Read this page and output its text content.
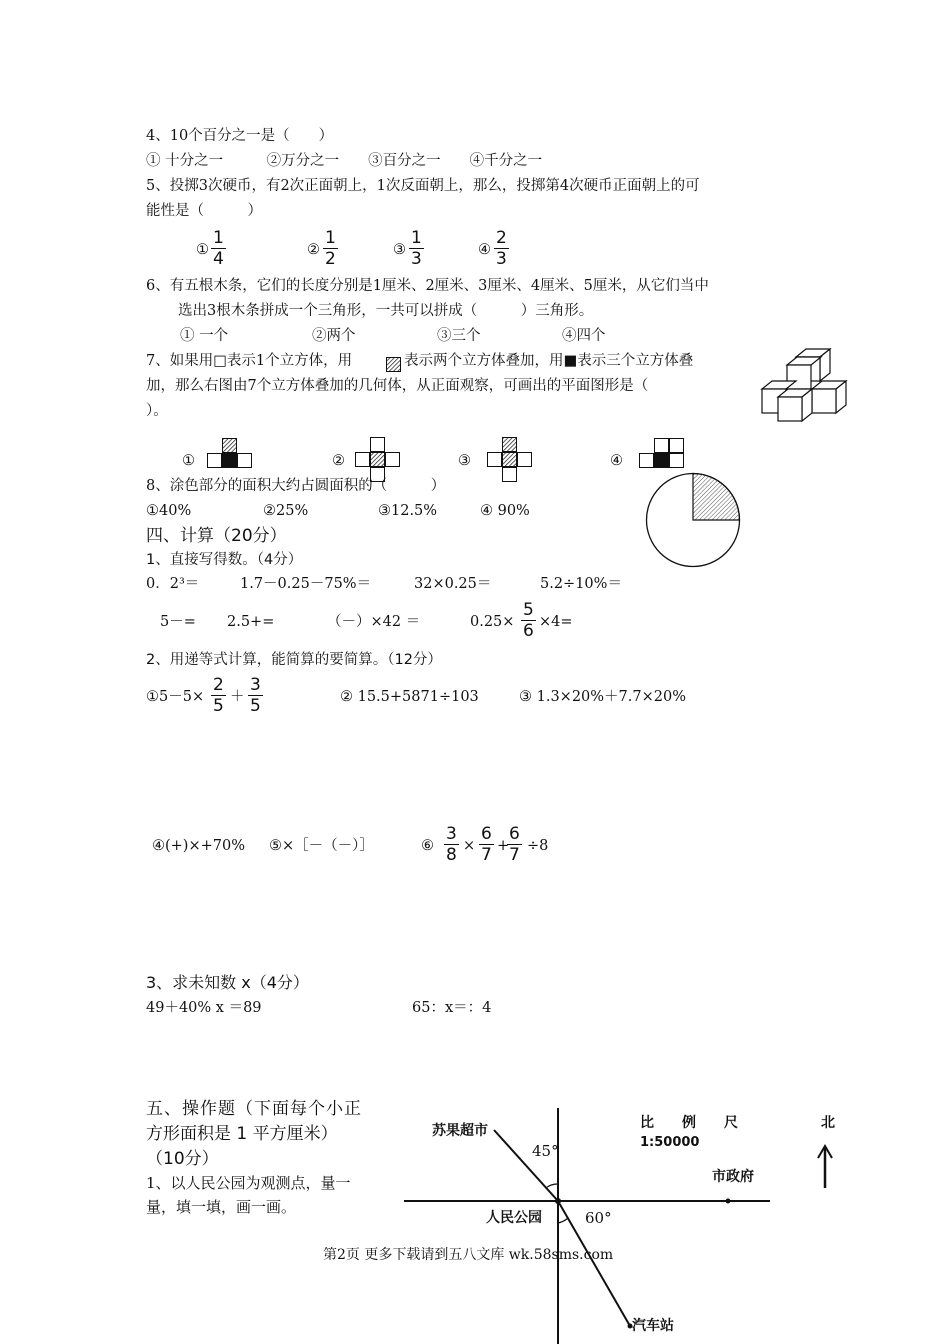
4、10个百分之一是（　　）
① 十分之一　　　②万分之一　　③百分之一　　④千分之一
5、投掷3次硬币，有2次正面朝上，1次反面朝上，那么，投掷第4次硬币正面朝上的可
能性是（　　　）
①
1
4	②
1
2	③
1
3	④
2
3
6、有五根木条，它们的长度分别是1厘米、2厘米、3厘米、4厘米、5厘米，从它们当中
选出3根木条拼成一个三角形，一共可以拼成（　　　）三角形。
① 一个	②两个	③三个	④四个
7、如果用□表示1个立方体，用	表示两个立方体叠加，用■表示三个立方体叠
加，那么右图由7个立方体叠加的几何体，从正面观察，可画出的平面图形是（
）。
①	②	③	④
8、涂色部分的面积大约占圆面积的（　　　）
①40%	②25%	③12.5%	④ 90%
四、计算（20分）
1、直接写得数。（4分）
0．2³＝	1.7－0.25－75%＝	32×0.25＝	5.2÷10%＝
5－= 2.5+=	（－）×42 ＝	0.25×
5
6 ×4=
2、用递等式计算，能简算的要简算。（12分）
①5－5×
2
5 ＋
3
5	② 15.5+5871÷103	③ 1.3×20%＋7.7×20%
④(+)×+70% ⑤×［－（－）］	⑥
3
8 ×
6
7 +
6
7 ÷8
3、求未知数 x（4分）
49＋40% x ＝89	65：x＝：4
五、操作题（下面每个小正
方形面积是 1 平方厘米）
（10分）
1、以人民公园为观测点，量一
量，填一填，画一画。
苏果超市
45°
人民公园	60°
市政府
汽车站
比　　例　　尺
1:50000
北
第2页 更多下载请到五八文库 wk.58sms.com
